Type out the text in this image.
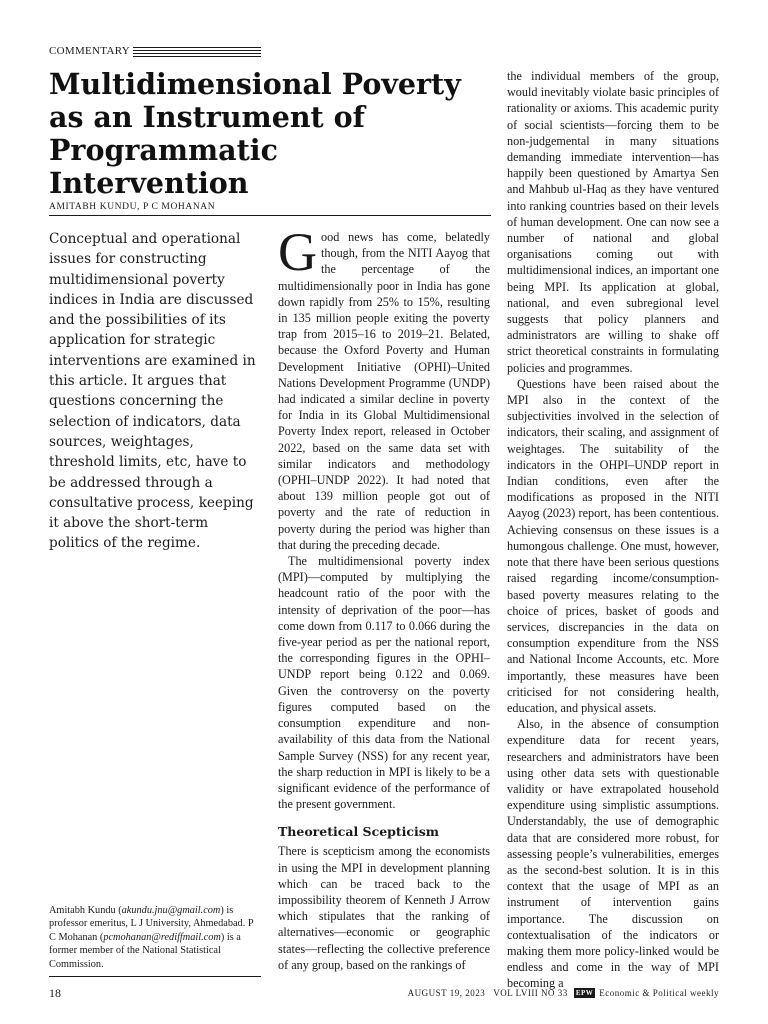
COMMENTARY
Multidimensional Poverty as an Instrument of Programmatic Intervention
AMITABH KUNDU, P C MOHANAN

Conceptual and operational issues for constructing multidimensional poverty indices in India are discussed and the possibilities of its application for strategic interventions are examined in this article. It argues that questions concerning the selection of indicators, data sources, weightages, threshold limits, etc, have to be addressed through a consultative process, keeping it above the short-term politics of the regime.

Amitabh Kundu (akundu.jnu@gmail.com) is professor emeritus, L J University, Ahmedabad. P C Mohanan (pcmohanan@rediffmail.com) is a former member of the National Statistical Commission.

Good news has come, belatedly though, from the NITI Aayog that the percentage of the multidimensionally poor in India has gone down rapidly from 25% to 15%, resulting in 135 million people exiting the poverty trap from 2015–16 to 2019–21. Belated, because the Oxford Poverty and Human Development Initiative (OPHI)–United Nations Development Programme (UNDP) had indicated a similar decline in poverty for India in its Global Multidimensional Poverty Index report, released in October 2022, based on the same data set with similar indicators and methodology (OPHI–UNDP 2022). It had noted that about 139 million people got out of poverty and the rate of reduction in poverty during the period was higher than that during the preceding decade.

The multidimensional poverty index (MPI)—computed by multiplying the headcount ratio of the poor with the intensity of deprivation of the poor—has come down from 0.117 to 0.066 during the five-year period as per the national report, the corresponding figures in the OPHI–UNDP report being 0.122 and 0.069. Given the controversy on the poverty figures computed based on the consumption expenditure and non-availability of this data from the National Sample Survey (NSS) for any recent year, the sharp reduction in MPI is likely to be a significant evidence of the performance of the present government.

Theoretical Scepticism

There is scepticism among the economists in using the MPI in development planning which can be traced back to the impossibility theorem of Kenneth J Arrow which stipulates that the ranking of alternatives—economic or geographic states—reflecting the collective preference of any group, based on the rankings of

the individual members of the group, would inevitably violate basic principles of rationality or axioms. This academic purity of social scientists—forcing them to be non-judgemental in many situations demanding immediate intervention—has happily been questioned by Amartya Sen and Mahbub ul-Haq as they have ventured into ranking countries based on their levels of human development. One can now see a number of national and global organisations coming out with multidimensional indices, an important one being MPI. Its application at global, national, and even subregional level suggests that policy planners and administrators are willing to shake off strict theoretical constraints in formulating policies and programmes.

Questions have been raised about the MPI also in the context of the subjectivities involved in the selection of indicators, their scaling, and assignment of weightages. The suitability of the indicators in the OHPI–UNDP report in Indian conditions, even after the modifications as proposed in the NITI Aayog (2023) report, has been contentious. Achieving consensus on these issues is a humongous challenge. One must, however, note that there have been serious questions raised regarding income/consumption-based poverty measures relating to the choice of prices, basket of goods and services, discrepancies in the data on consumption expenditure from the NSS and National Income Accounts, etc. More importantly, these measures have been criticised for not considering health, education, and physical assets.

Also, in the absence of consumption expenditure data for recent years, researchers and administrators have been using other data sets with questionable validity or have extrapolated household expenditure using simplistic assumptions. Understandably, the use of demographic data that are considered more robust, for assessing people’s vulnerabilities, emerges as the second-best solution. It is in this context that the usage of MPI as an instrument of intervention gains importance. The discussion on contextualisation of the indicators or making them more policy-linked would be endless and come in the way of MPI becoming a

18	AUGUST 19, 2023 VOL LVIII NO 33 EPW Economic & Political weekly
